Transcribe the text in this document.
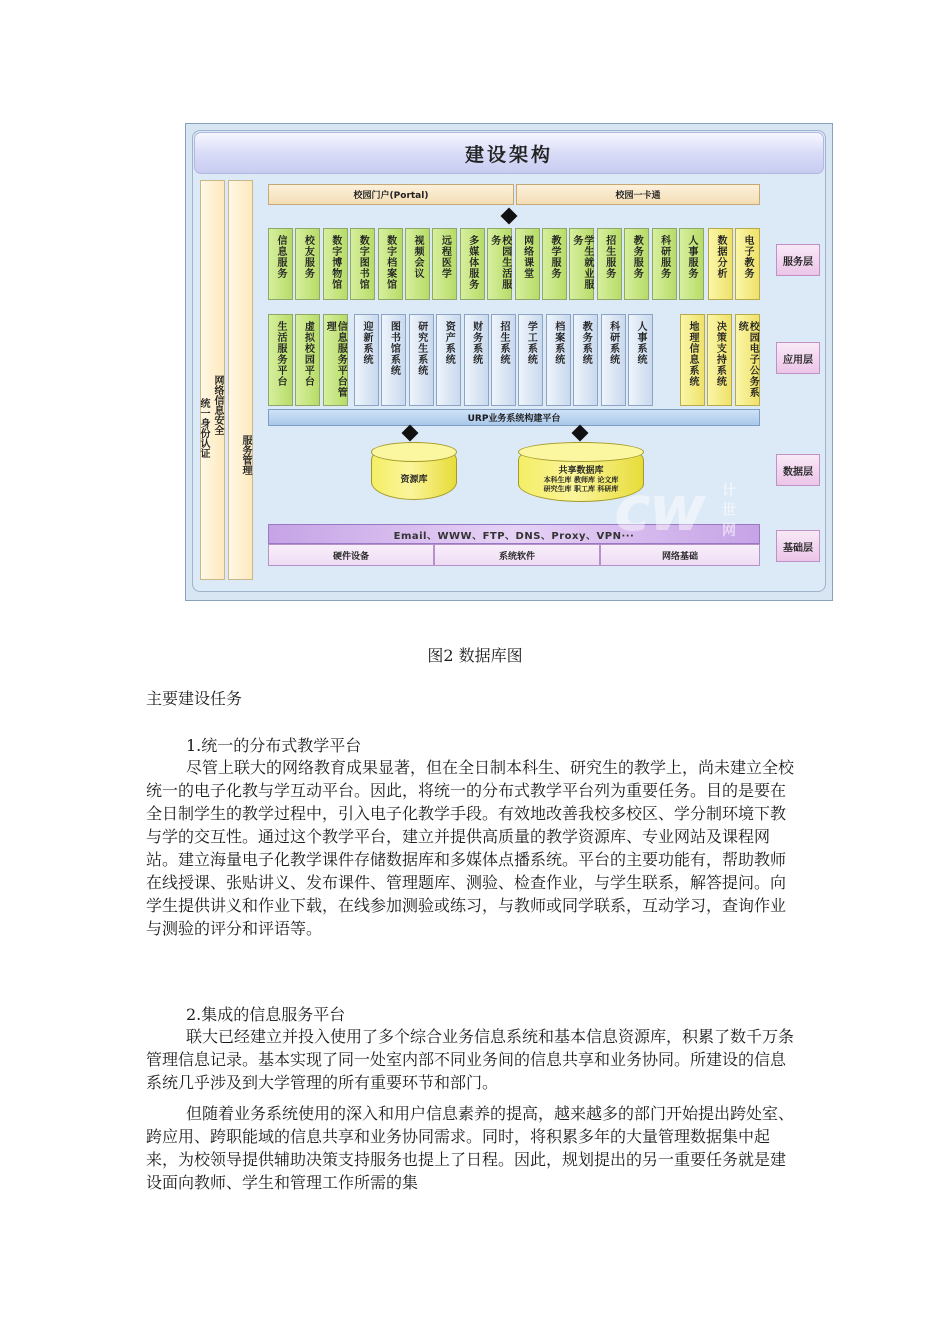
建设架构
网络信息安全
统一身份认证	服务管理
校园门户(Portal)	校园一卡通
URP业务系统构建平台
资源库
共享数据库
本科生库 教师库 论文库
研究生库 职工库 科研库
Email、WWW、FTP、DNS、Proxy、VPN···
硬件设备	系统软件	网络基础
服务层
应用层
数据层
基础层
cw 计世网
信息服务	校友服务	数字博物馆	数字图书馆	数字档案馆	视频会议	远程医学	多媒体服务	校园生活服务	网络课堂	教学服务	学生就业服务	招生服务	教务服务	科研服务	人事服务	数据分析	电子教务
生活服务平台	虚拟校园平台	信息服务平台管理	迎新系统	图书馆系统	研究生系统	资产系统	财务系统	招生系统	学工系统	档案系统	教务系统	科研系统	人事系统	地理信息系统	决策支持系统	校园电子公务系统
图2 数据库图
主要建设任务
1.统一的分布式教学平台

尽管上联大的网络教育成果显著，但在全日制本科生、研究生的教学上，尚未建立全校统一的电子化教与学互动平台。因此，将统一的分布式教学平台列为重要任务。目的是要在全日制学生的教学过程中，引入电子化教学手段。有效地改善我校多校区、学分制环境下教与学的交互性。通过这个教学平台，建立并提供高质量的教学资源库、专业网站及课程网站。建立海量电子化教学课件存储数据库和多媒体点播系统。平台的主要功能有，帮助教师在线授课、张贴讲义、发布课件、管理题库、测验、检查作业，与学生联系，解答提问。向学生提供讲义和作业下载，在线参加测验或练习，与教师或同学联系，互动学习，查询作业与测验的评分和评语等。

2.集成的信息服务平台

联大已经建立并投入使用了多个综合业务信息系统和基本信息资源库，积累了数千万条管理信息记录。基本实现了同一处室内部不同业务间的信息共享和业务协同。所建设的信息系统几乎涉及到大学管理的所有重要环节和部门。

但随着业务系统使用的深入和用户信息素养的提高，越来越多的部门开始提出跨处室、跨应用、跨职能域的信息共享和业务协同需求。同时，将积累多年的大量管理数据集中起来，为校领导提供辅助决策支持服务也提上了日程。因此，规划提出的另一重要任务就是建设面向教师、学生和管理工作所需的集
